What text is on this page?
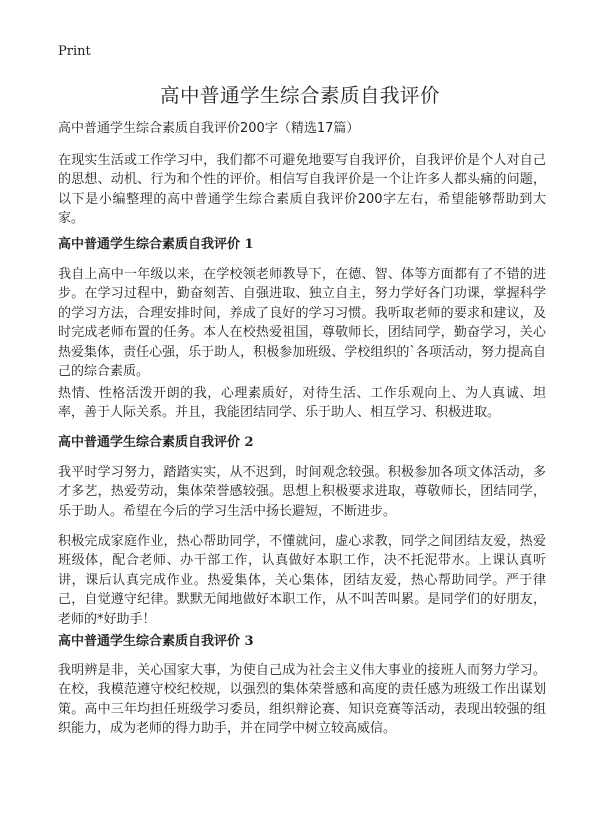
Print
高中普通学生综合素质自我评价
高中普通学生综合素质自我评价200字（精选17篇）

在现实生活或工作学习中，我们都不可避免地要写自我评价，自我评价是个人对自己的思想、动机、行为和个性的评价。相信写自我评价是一个让许多人都头痛的问题，以下是小编整理的高中普通学生综合素质自我评价200字左右，希望能够帮助到大家。

高中普通学生综合素质自我评价 1

我自上高中一年级以来，在学校领老师教导下，在德、智、体等方面都有了不错的进步。在学习过程中，勤奋刻苦、自强进取、独立自主，努力学好各门功课，掌握科学的学习方法，合理安排时间，养成了良好的学习习惯。我听取老师的要求和建议，及时完成老师布置的任务。本人在校热爱祖国，尊敬师长，团结同学，勤奋学习，关心热爱集体，责任心强，乐于助人，积极参加班级、学校组织的`各项活动，努力提高自己的综合素质。

热情、性格活泼开朗的我，心理素质好，对待生活、工作乐观向上、为人真诚、坦率，善于人际关系。并且，我能团结同学、乐于助人、相互学习、积极进取。

高中普通学生综合素质自我评价 2

我平时学习努力，踏踏实实，从不迟到，时间观念较强。积极参加各项文体活动，多才多艺，热爱劳动，集体荣誉感较强。思想上积极要求进取，尊敬师长，团结同学，乐于助人。希望在今后的学习生活中扬长避短，不断进步。

积极完成家庭作业，热心帮助同学，不懂就问，虚心求教，同学之间团结友爱，热爱班级体，配合老师、办干部工作，认真做好本职工作，决不托泥带水。上课认真听讲，课后认真完成作业。热爱集体，关心集体，团结友爱，热心帮助同学。严于律己，自觉遵守纪律。默默无闻地做好本职工作，从不叫苦叫累。是同学们的好朋友，老师的*好助手！

高中普通学生综合素质自我评价 3

我明辨是非，关心国家大事，为使自己成为社会主义伟大事业的接班人而努力学习。在校，我模范遵守校纪校规，以强烈的集体荣誉感和高度的责任感为班级工作出谋划策。高中三年均担任班级学习委员，组织辩论赛、知识竞赛等活动，表现出较强的组织能力，成为老师的得力助手，并在同学中树立较高威信。
